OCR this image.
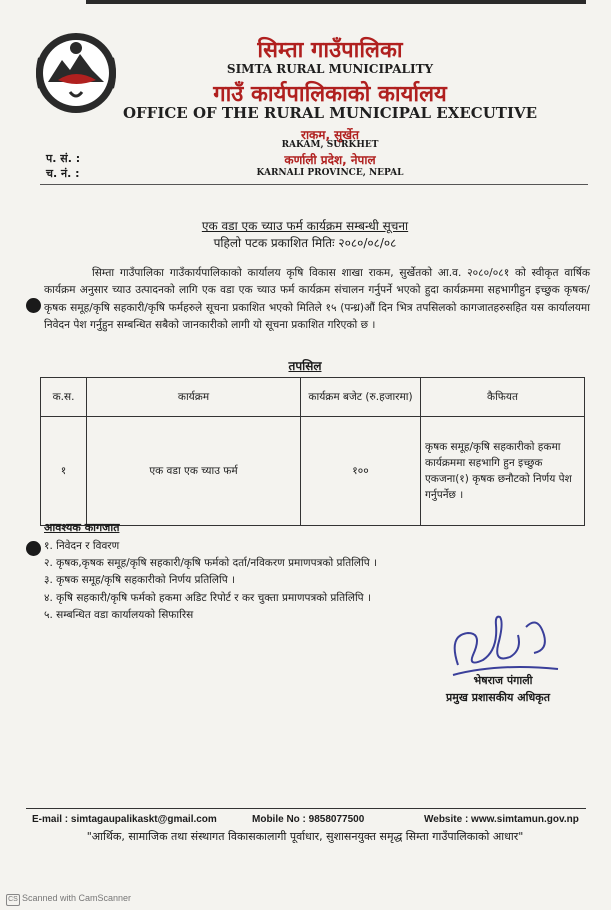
सिम्ता गाउँपालिका
SIMTA RURAL MUNICIPALITY
गाउँ कार्यपालिकाको कार्यालय
OFFICE OF THE RURAL MUNICIPAL EXECUTIVE
राकम, सुर्खेत
RAKAM, SURKHET
कर्णाली प्रदेश, नेपाल
KARNALI PROVINCE, NEPAL
प. सं. :
च. नं. :
एक वडा एक च्याउ फर्म कार्यक्रम सम्बन्धी सूचना
पहिलो पटक प्रकाशित मितिः २०८०/०८/०८
सिम्ता गाउँपालिका गाउँकार्यपालिकाको कार्यालय कृषि विकास शाखा राकम, सुर्खेतको आ.व. २०८०/०८१ को स्वीकृत वार्षिक कार्यक्रम अनुसार च्याउ उत्पादनको लागि एक वडा एक च्याउ फर्म कार्यक्रम संचालन गर्नुपर्ने भएको हुदा कार्यक्रममा सहभागीहुन इच्छुक कृषक/कृषक समूह/कृषि सहकारी/कृषि फर्महरुले सूचना प्रकाशित भएको मितिले १५ (पन्ध्र)औं दिन भित्र तपसिलको कागजातहरुसहित यस कार्यालयमा निवेदन पेश गर्नुहुन सम्बन्धित सबैको जानकारीको लागी यो सूचना प्रकाशित गरिएको छ ।
तपसिल
क.स.	कार्यक्रम	कार्यक्रम बजेट (रु.हजारमा)	कैफियत
१	एक वडा एक च्याउ फर्म	१००	कृषक समूह/कृषि सहकारीको हकमा कार्यक्रममा सहभागि हुन इच्छुक एकजना(१) कृषक छनौटको निर्णय पेश गर्नुपर्नेछ ।
आवश्यक कागजात
१. निवेदन र विवरण
२. कृषक,कृषक समूह/कृषि सहकारी/कृषि फर्मको दर्ता/नविकरण प्रमाणपत्रको प्रतिलिपि ।
३. कृषक समूह/कृषि सहकारीको निर्णय प्रतिलिपि ।
४. कृषि सहकारी/कृषि फर्मको हकमा अडिट रिपोर्ट र कर चुक्ता प्रमाणपत्रको प्रतिलिपि ।
५. सम्बन्धित वडा कार्यालयको सिफारिस
भेषराज पंगाली
प्रमुख प्रशासकीय अधिकृत
E-mail : simtagaupalikaskt@gmail.com	Mobile No : 9858077500	Website : www.simtamun.gov.np
"आर्थिक, सामाजिक तथा संस्थागत विकासकालागी पूर्वाधार, सुशासनयुक्त समृद्ध सिम्ता गाउँपालिकाको आधार"
CS Scanned with CamScanner
